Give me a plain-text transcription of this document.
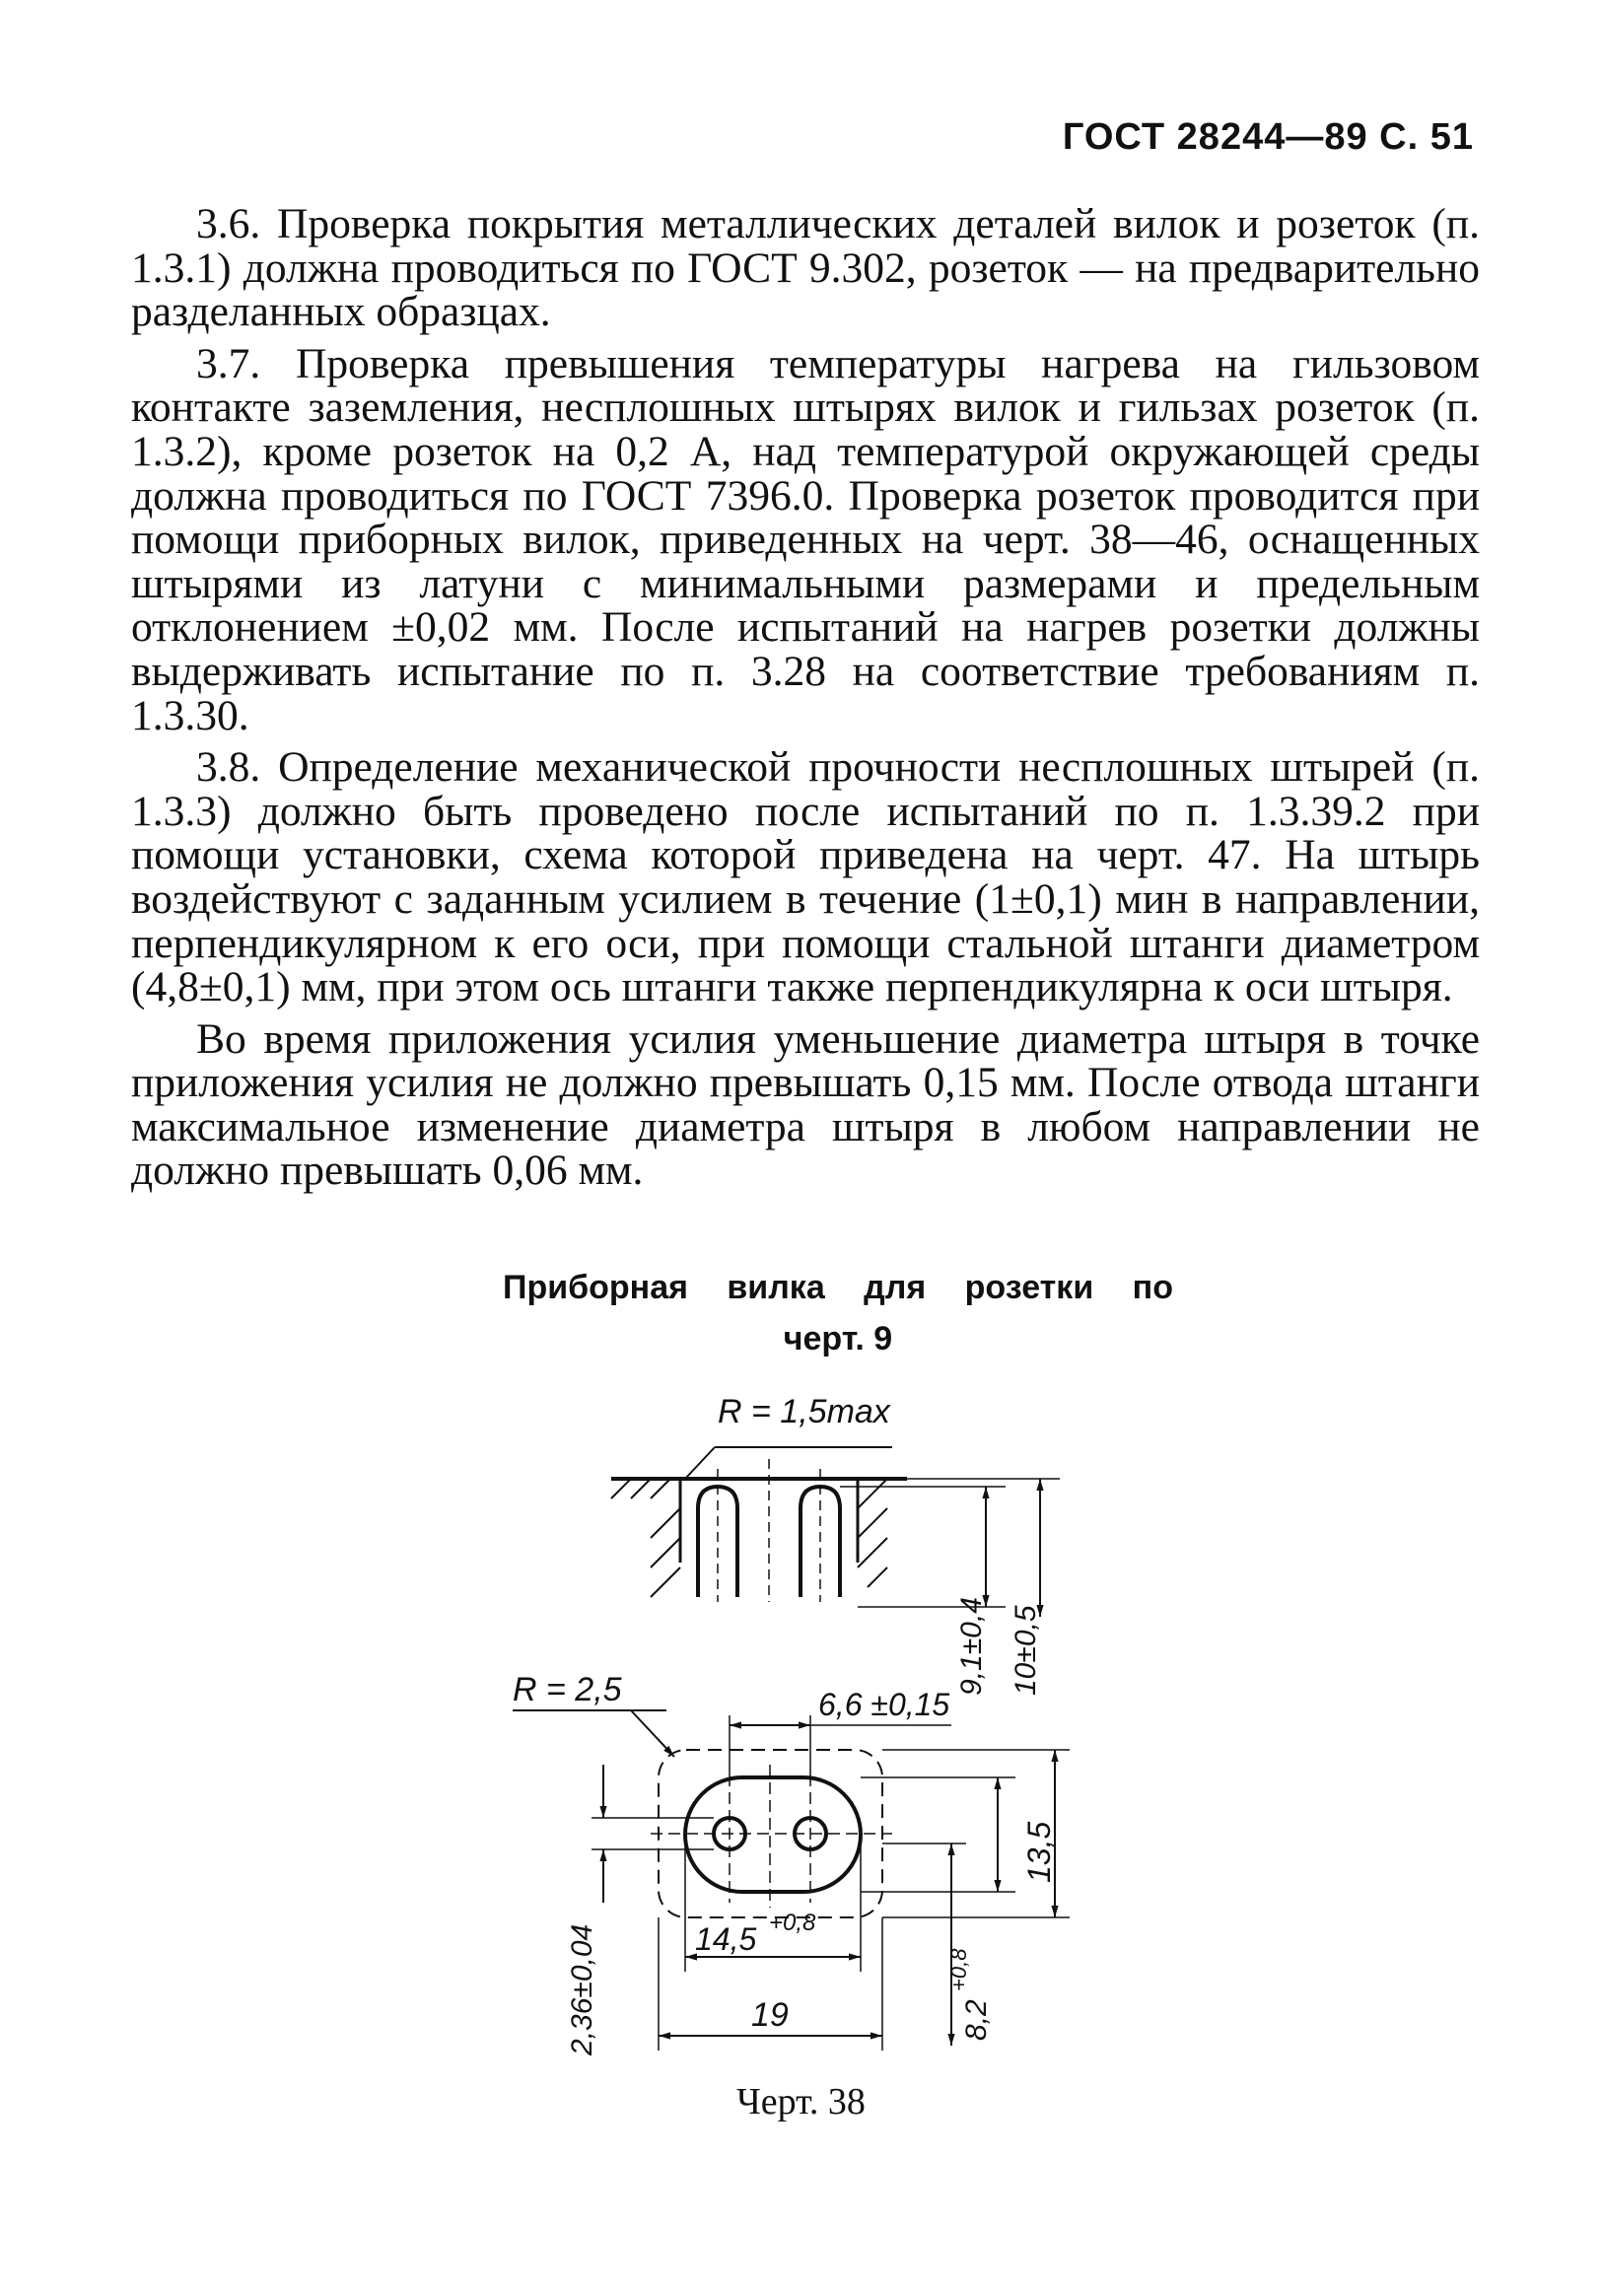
ГОСТ 28244—89 С. 51

3.6. Проверка покрытия металлических деталей вилок и розеток (п. 1.3.1) должна проводиться по ГОСТ 9.302, розеток — на предварительно разделанных образцах.

3.7. Проверка превышения температуры нагрева на гильзовом контакте заземления, несплошных штырях вилок и гильзах розеток (п. 1.3.2), кроме розеток на 0,2 А, над температурой окружающей среды должна проводиться по ГОСТ 7396.0. Проверка розеток проводится при помощи приборных вилок, приведенных на черт. 38—46, оснащенных штырями из латуни с минимальными размерами и предельным отклонением ±0,02 мм. После испытаний на нагрев розетки должны выдерживать испытание по п. 3.28 на соответствие требованиям п. 1.3.30.

3.8. Определение механической прочности несплошных штырей (п. 1.3.3) должно быть проведено после испытаний по п. 1.3.39.2 при помощи установки, схема которой приведена на черт. 47. На штырь воздействуют с заданным усилием в течение (1±0,1) мин в направлении, перпендикулярном к его оси, при помощи стальной штанги диаметром (4,8±0,1) мм, при этом ось штанги также перпендикулярна к оси штыря.

Во время приложения усилия уменьшение диаметра штыря в точке приложения усилия не должно превышать 0,15 мм. После отвода штанги максимальное изменение диаметра штыря в любом направлении не должно превышать 0,06 мм.

Приборная вилка для розетки по
черт. 9
R = 1,5max
9,1±0,4 10±0,5
R = 2,5	6,6 ±0,15
13,5
2,36±0,04	14,5 +0,8
19	8,2
+0,8
Черт. 38
